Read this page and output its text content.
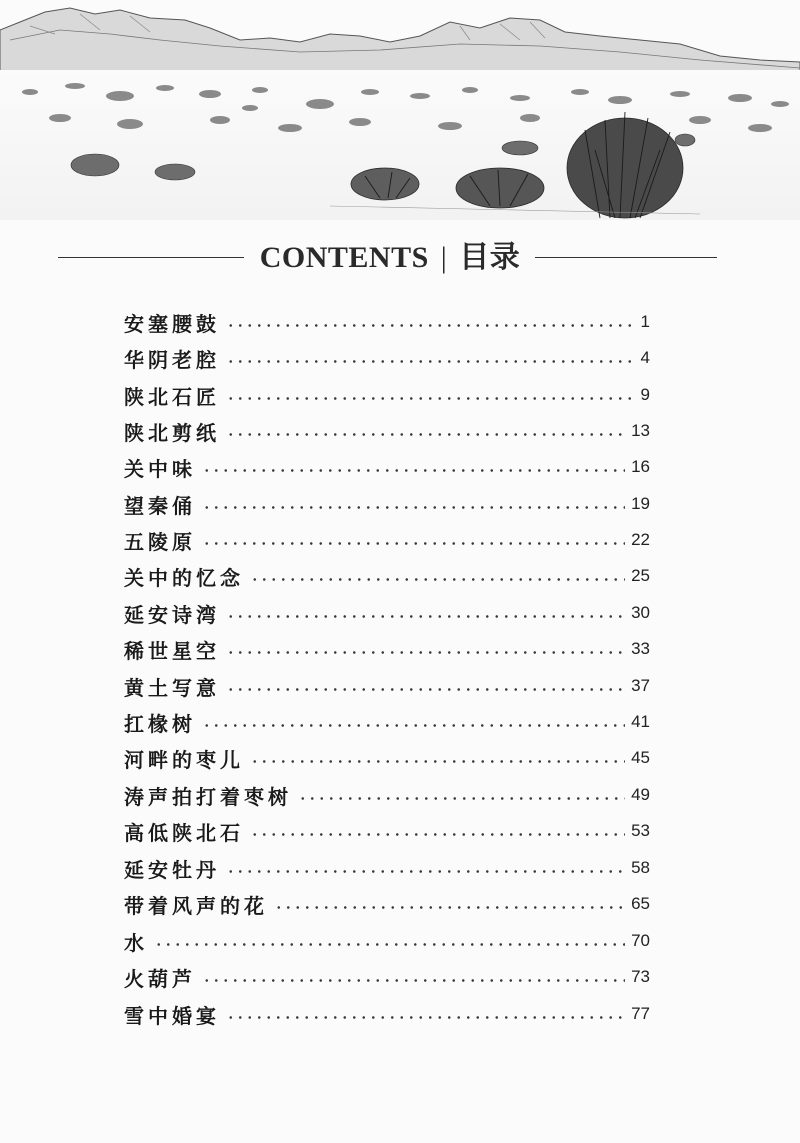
CONTENTS | 目录
安塞腰鼓	1
华阴老腔	4
陕北石匠	9
陕北剪纸	13
关中味	16
望秦俑	19
五陵原	22
关中的忆念	25
延安诗湾	30
稀世星空	33
黄土写意	37
扛椽树	41
河畔的枣儿	45
涛声拍打着枣树	49
高低陕北石	53
延安牡丹	58
带着风声的花	65
水	70
火葫芦	73
雪中婚宴	77
